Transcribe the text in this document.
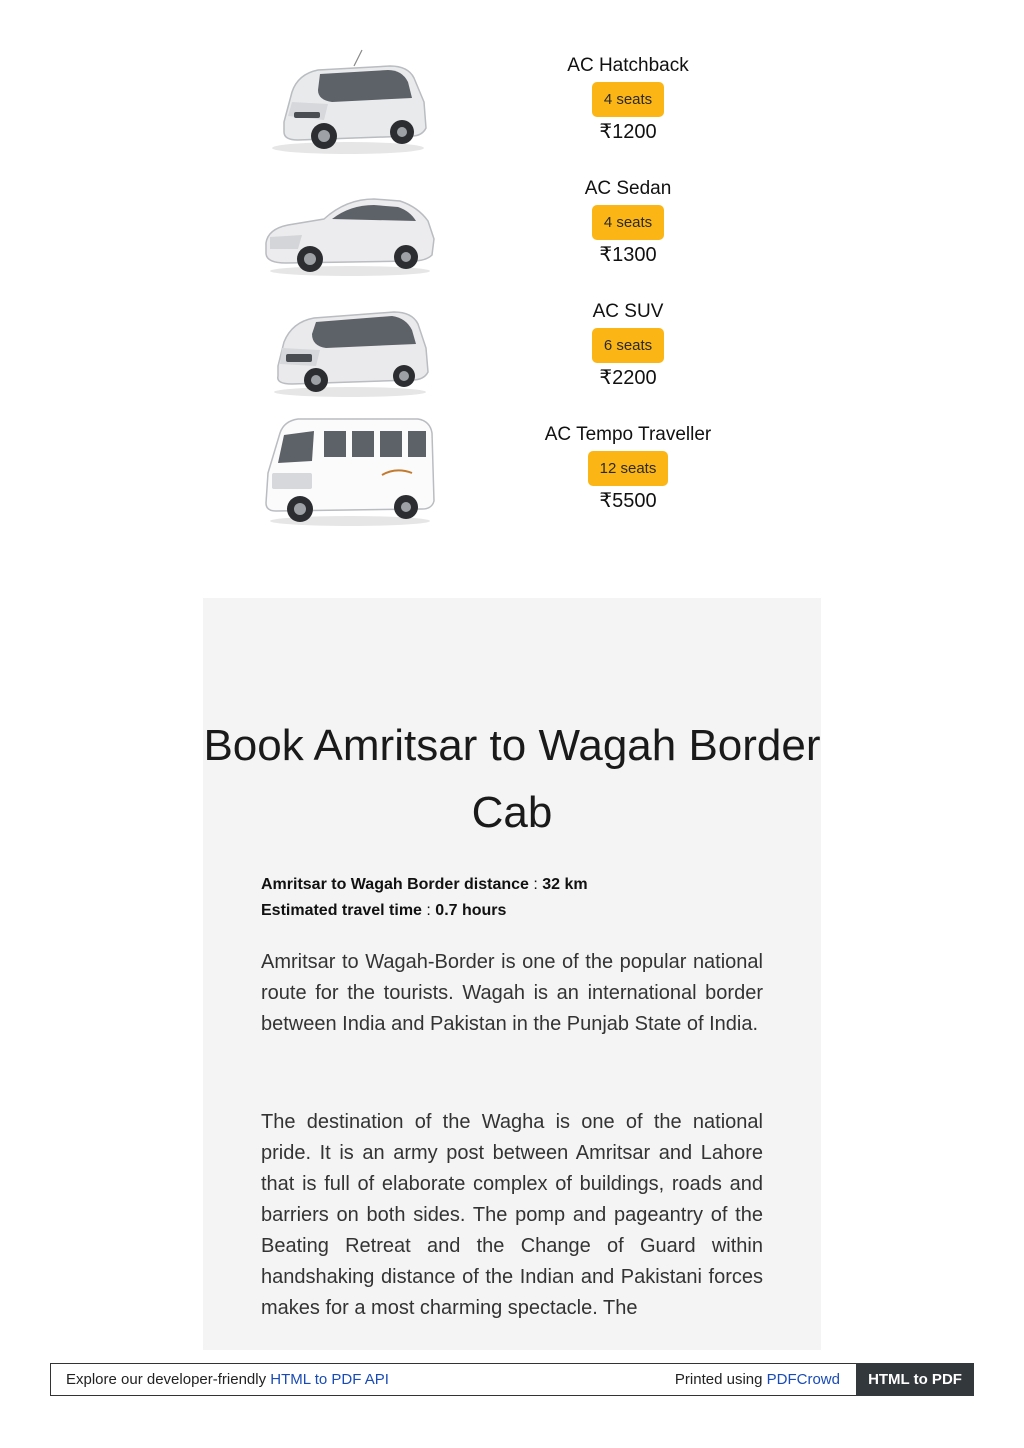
AC Hatchback
4 seats
₹1200
AC Sedan
4 seats
₹1300
AC SUV
6 seats
₹2200
AC Tempo Traveller
12 seats
₹5500
Book Amritsar to Wagah Border Cab
Amritsar to Wagah Border distance : 32 km
Estimated travel time : 0.7 hours

Amritsar to Wagah-Border is one of the popular national route for the tourists. Wagah is an international border between India and Pakistan in the Punjab State of India.

The destination of the Wagha is one of the national pride. It is an army post between Amritsar and Lahore that is full of elaborate complex of buildings, roads and barriers on both sides. The pomp and pageantry of the Beating Retreat and the Change of Guard within handshaking distance of the Indian and Pakistani forces makes for a most charming spectacle. The

Explore our developer-friendly HTML to PDF API	Printed using PDFCrowd	HTML to PDF
